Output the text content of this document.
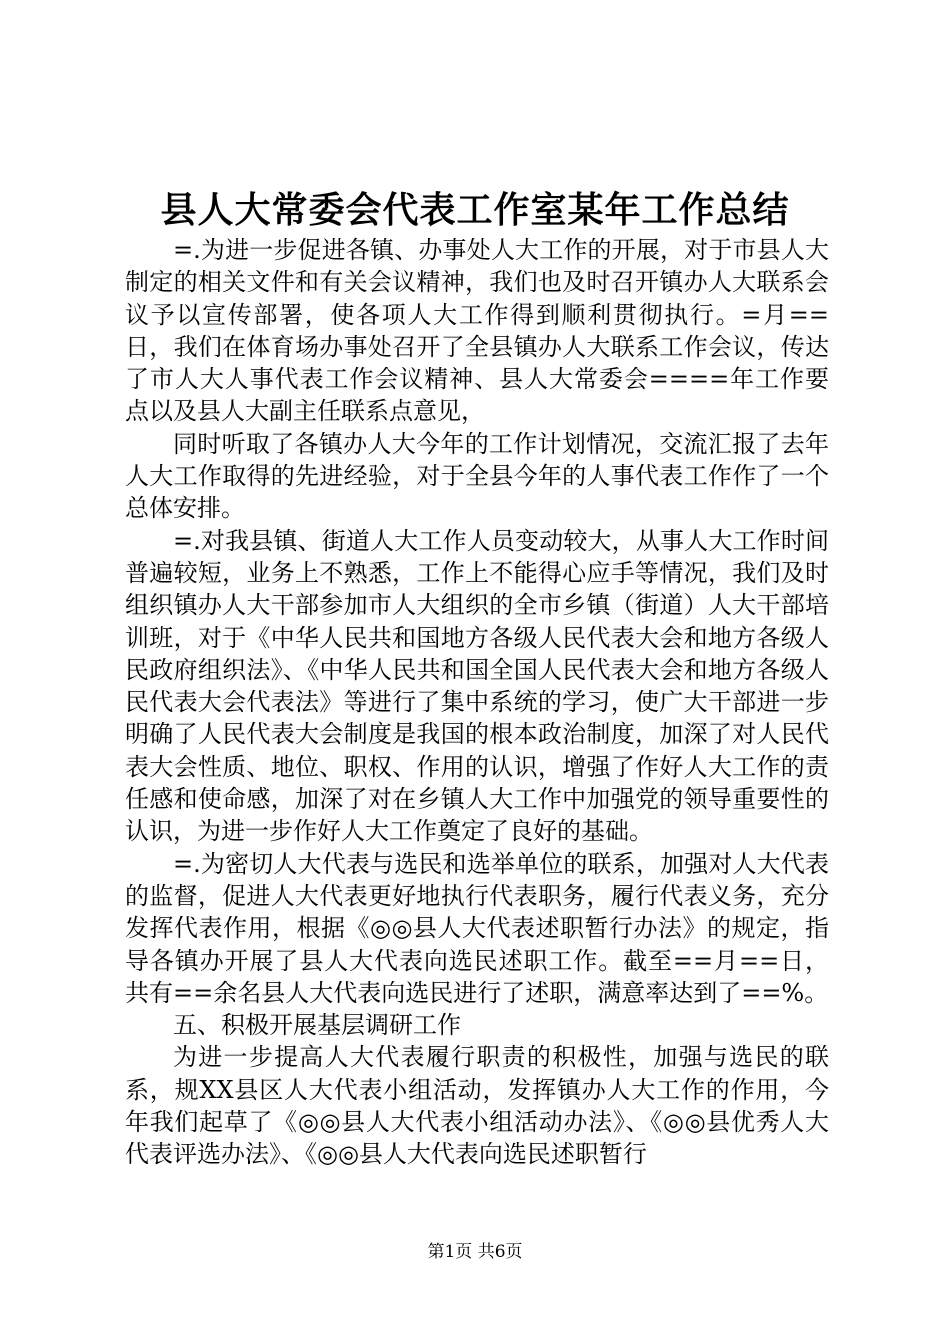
县人大常委会代表工作室某年工作总结

=.为进一步促进各镇、办事处人大工作的开展，对于市县人大制定的相关文件和有关会议精神，我们也及时召开镇办人大联系会议予以宣传部署，使各项人大工作得到顺利贯彻执行。=月==日，我们在体育场办事处召开了全县镇办人大联系工作会议，传达了市人大人事代表工作会议精神、县人大常委会====年工作要点以及县人大副主任联系点意见，

同时听取了各镇办人大今年的工作计划情况，交流汇报了去年人大工作取得的先进经验，对于全县今年的人事代表工作作了一个总体安排。

=.对我县镇、街道人大工作人员变动较大，从事人大工作时间普遍较短，业务上不熟悉，工作上不能得心应手等情况，我们及时组织镇办人大干部参加市人大组织的全市乡镇（街道）人大干部培训班，对于《中华人民共和国地方各级人民代表大会和地方各级人民政府组织法》、《中华人民共和国全国人民代表大会和地方各级人民代表大会代表法》等进行了集中系统的学习，使广大干部进一步明确了人民代表大会制度是我国的根本政治制度，加深了对人民代表大会性质、地位、职权、作用的认识，增强了作好人大工作的责任感和使命感，加深了对在乡镇人大工作中加强党的领导重要性的认识，为进一步作好人大工作奠定了良好的基础。

=.为密切人大代表与选民和选举单位的联系，加强对人大代表的监督，促进人大代表更好地执行代表职务，履行代表义务，充分发挥代表作用，根据《◎◎县人大代表述职暂行办法》的规定，指导各镇办开展了县人大代表向选民述职工作。截至==月==日，共有==余名县人大代表向选民进行了述职，满意率达到了==%。

五、积极开展基层调研工作

为进一步提高人大代表履行职责的积极性，加强与选民的联系，规XX县区人大代表小组活动，发挥镇办人大工作的作用，今年我们起草了《◎◎县人大代表小组活动办法》、《◎◎县优秀人大代表评选办法》、《◎◎县人大代表向选民述职暂行

第1页 共6页
